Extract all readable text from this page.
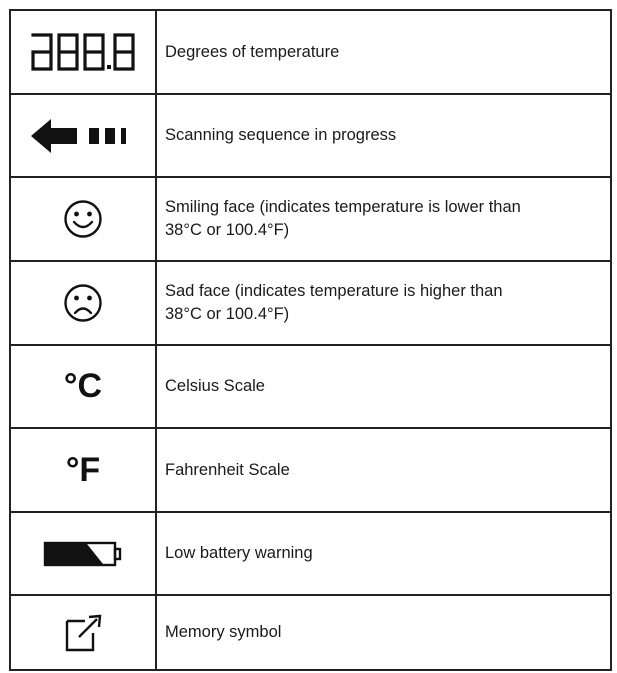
	Degrees of temperature
	Scanning sequence in progress
	Smiling face (indicates temperature is lower than
38°C or 100.4°F)
	Sad face (indicates temperature is higher than
38°C or 100.4°F)
°C	Celsius Scale
°F	Fahrenheit Scale
	Low battery warning
	Memory symbol
